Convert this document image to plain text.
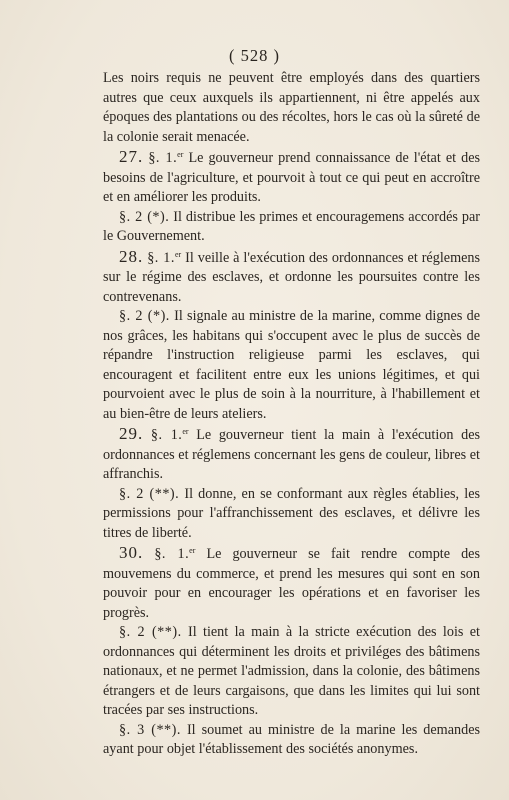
( 528 )

Les noirs requis ne peuvent être employés dans des quartiers autres que ceux auxquels ils appartiennent, ni être appelés aux époques des plantations ou des récoltes, hors le cas où la sûreté de la colonie serait menacée.

27. §. 1.$^{er}$ Le gouverneur prend connaissance de l'état et des besoins de l'agriculture, et pourvoit à tout ce qui peut en accroître et en améliorer les produits.

§. 2 (*). Il distribue les primes et encouragemens accordés par le Gouvernement.

28. §. 1.$^{er}$ Il veille à l'exécution des ordonnances et réglemens sur le régime des esclaves, et ordonne les poursuites contre les contrevenans.

§. 2 (*). Il signale au ministre de la marine, comme dignes de nos grâces, les habitans qui s'occupent avec le plus de succès de répandre l'instruction religieuse parmi les esclaves, qui encouragent et facilitent entre eux les unions légitimes, et qui pourvoient avec le plus de soin à la nourriture, à l'habillement et au bien-être de leurs ateliers.

29. §. 1.$^{er}$ Le gouverneur tient la main à l'exécution des ordonnances et réglemens concernant les gens de couleur, libres et affranchis.

§. 2 (**). Il donne, en se conformant aux règles établies, les permissions pour l'affranchissement des esclaves, et délivre les titres de liberté.

30. §. 1.$^{er}$ Le gouverneur se fait rendre compte des mouvemens du commerce, et prend les mesures qui sont en son pouvoir pour en encourager les opérations et en favoriser les progrès.

§. 2 (**). Il tient la main à la stricte exécution des lois et ordonnances qui déterminent les droits et priviléges des bâtimens nationaux, et ne permet l'admission, dans la colonie, des bâtimens étrangers et de leurs cargaisons, que dans les limites qui lui sont tracées par ses instructions.

§. 3 (**). Il soumet au ministre de la marine les demandes ayant pour objet l'établissement des sociétés anonymes.
